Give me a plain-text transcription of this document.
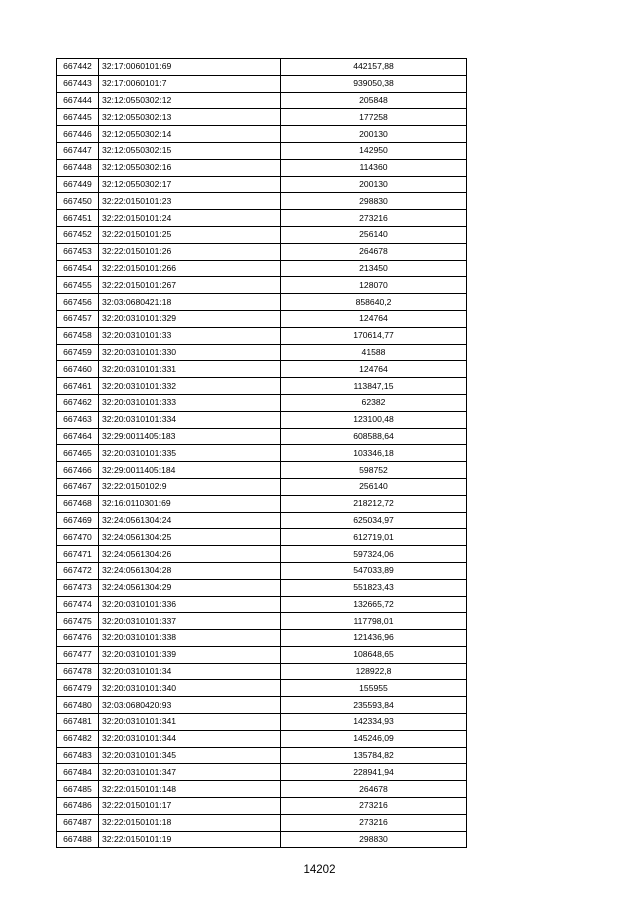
667442	32:17:0060101:69	442157,88
667443	32:17:0060101:7	939050,38
667444	32:12:0550302:12	205848
667445	32:12:0550302:13	177258
667446	32:12:0550302:14	200130
667447	32:12:0550302:15	142950
667448	32:12:0550302:16	114360
667449	32:12:0550302:17	200130
667450	32:22:0150101:23	298830
667451	32:22:0150101:24	273216
667452	32:22:0150101:25	256140
667453	32:22:0150101:26	264678
667454	32:22:0150101:266	213450
667455	32:22:0150101:267	128070
667456	32:03:0680421:18	858640,2
667457	32:20:0310101:329	124764
667458	32:20:0310101:33	170614,77
667459	32:20:0310101:330	41588
667460	32:20:0310101:331	124764
667461	32:20:0310101:332	113847,15
667462	32:20:0310101:333	62382
667463	32:20:0310101:334	123100,48
667464	32:29:0011405:183	608588,64
667465	32:20:0310101:335	103346,18
667466	32:29:0011405:184	598752
667467	32:22:0150102:9	256140
667468	32:16:0110301:69	218212,72
667469	32:24:0561304:24	625034,97
667470	32:24:0561304:25	612719,01
667471	32:24:0561304:26	597324,06
667472	32:24:0561304:28	547033,89
667473	32:24:0561304:29	551823,43
667474	32:20:0310101:336	132665,72
667475	32:20:0310101:337	117798,01
667476	32:20:0310101:338	121436,96
667477	32:20:0310101:339	108648,65
667478	32:20:0310101:34	128922,8
667479	32:20:0310101:340	155955
667480	32:03:0680420:93	235593,84
667481	32:20:0310101:341	142334,93
667482	32:20:0310101:344	145246,09
667483	32:20:0310101:345	135784,82
667484	32:20:0310101:347	228941,94
667485	32:22:0150101:148	264678
667486	32:22:0150101:17	273216
667487	32:22:0150101:18	273216
667488	32:22:0150101:19	298830
14202
